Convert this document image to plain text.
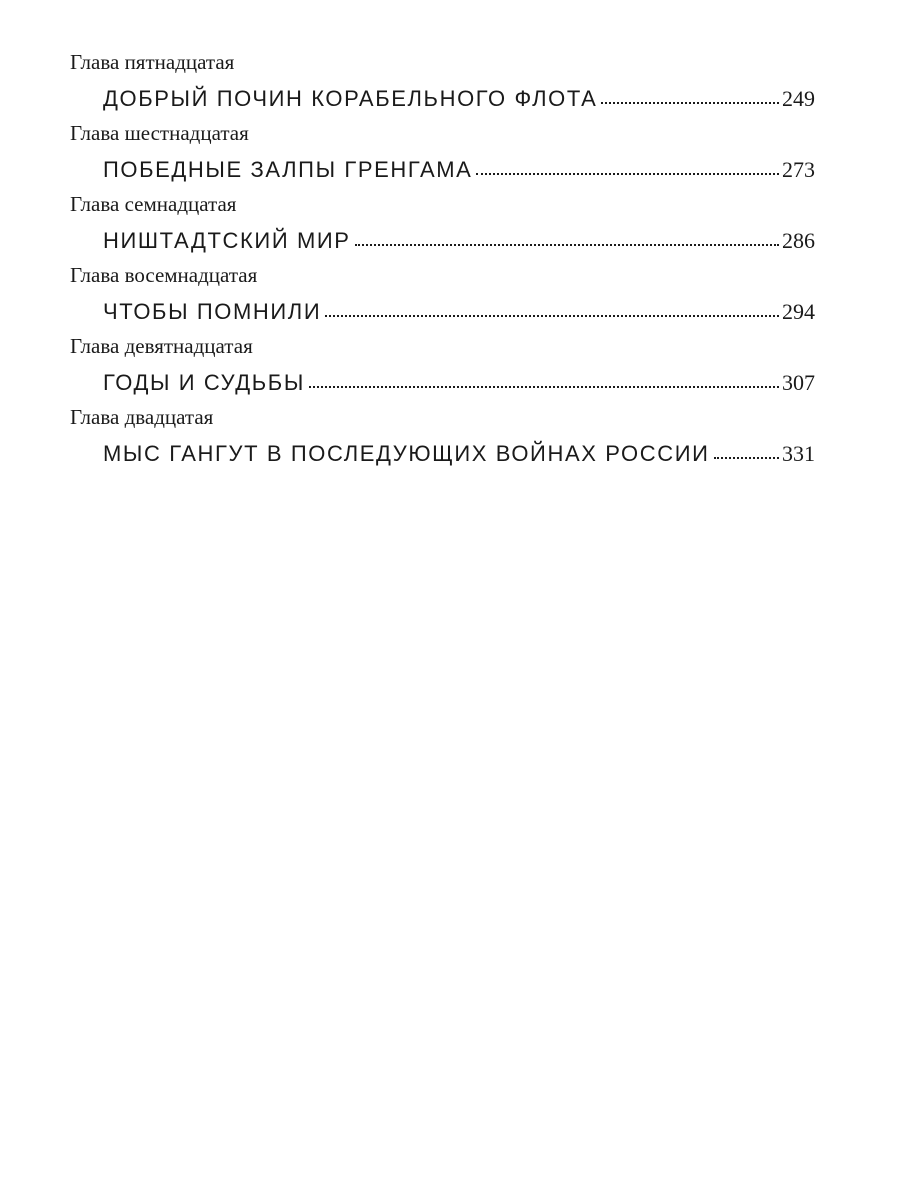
Глава пятнадцатая
ДОБРЫЙ ПОЧИН КОРАБЕЛЬНОГО ФЛОТА	249
Глава шестнадцатая
ПОБЕДНЫЕ ЗАЛПЫ ГРЕНГАМА	273
Глава семнадцатая
НИШТАДТСКИЙ МИР	286
Глава восемнадцатая
ЧТОБЫ ПОМНИЛИ	294
Глава девятнадцатая
ГОДЫ И СУДЬБЫ	307
Глава двадцатая
МЫС ГАНГУТ В ПОСЛЕДУЮЩИХ ВОЙНАХ РОССИИ	331
